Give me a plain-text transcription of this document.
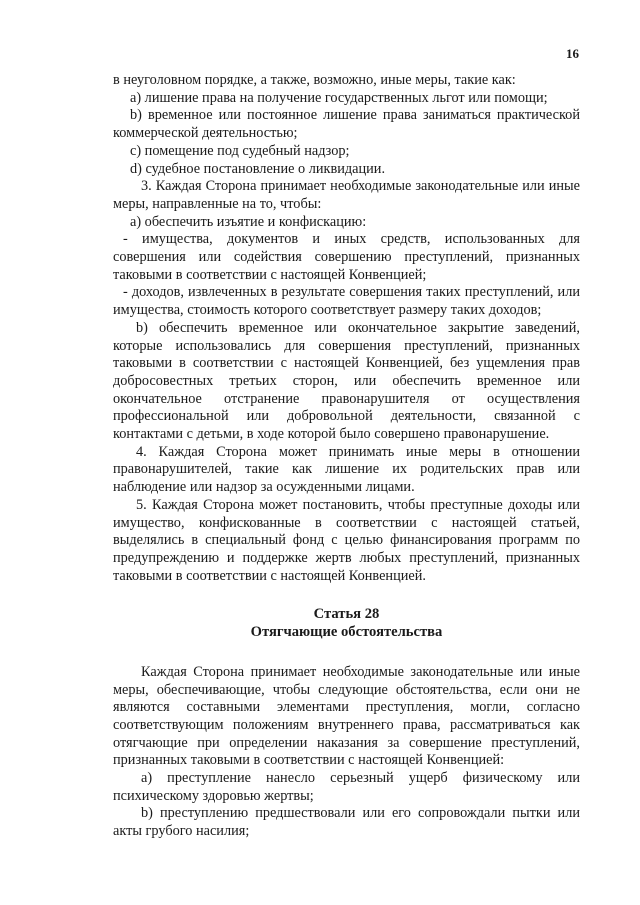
16

в неуголовном порядке, а также, возможно, иные меры, такие как:

a) лишение права на получение государственных льгот или помощи;

b) временное или постоянное лишение права заниматься практической коммерческой деятельностью;

c) помещение под судебный надзор;

d) судебное постановление о ликвидации.

3. Каждая Сторона принимает необходимые законодательные или иные меры, направленные на то, чтобы:

a) обеспечить изъятие и конфискацию:

- имущества, документов и иных средств, использованных для совершения или содействия совершению преступлений, признанных таковыми в соответствии с настоящей Конвенцией;

- доходов, извлеченных в результате совершения таких преступлений, или имущества, стоимость которого соответствует размеру таких доходов;

b) обеспечить временное или окончательное закрытие заведений, которые использовались для совершения преступлений, признанных таковыми в соответствии с настоящей Конвенцией, без ущемления прав добросовестных третьих сторон, или обеспечить временное или окончательное отстранение правонарушителя от осуществления профессиональной или добровольной деятельности, связанной с контактами с детьми, в ходе которой было совершено правонарушение.

4. Каждая Сторона может принимать иные меры в отношении правонарушителей, такие как лишение их родительских прав или наблюдение или надзор за осужденными лицами.

5. Каждая Сторона может постановить, чтобы преступные доходы или имущество, конфискованные в соответствии с настоящей статьей, выделялись в специальный фонд с целью финансирования программ по предупреждению и поддержке жертв любых преступлений, признанных таковыми в соответствии с настоящей Конвенцией.

Статья 28

Отягчающие обстоятельства

Каждая Сторона принимает необходимые законодательные или иные меры, обеспечивающие, чтобы следующие обстоятельства, если они не являются составными элементами преступления, могли, согласно соответствующим положениям внутреннего права, рассматриваться как отягчающие при определении наказания за совершение преступлений, признанных таковыми в соответствии с настоящей Конвенцией:

a) преступление нанесло серьезный ущерб физическому или психическому здоровью жертвы;

b) преступлению предшествовали или его сопровождали пытки или акты грубого насилия;
